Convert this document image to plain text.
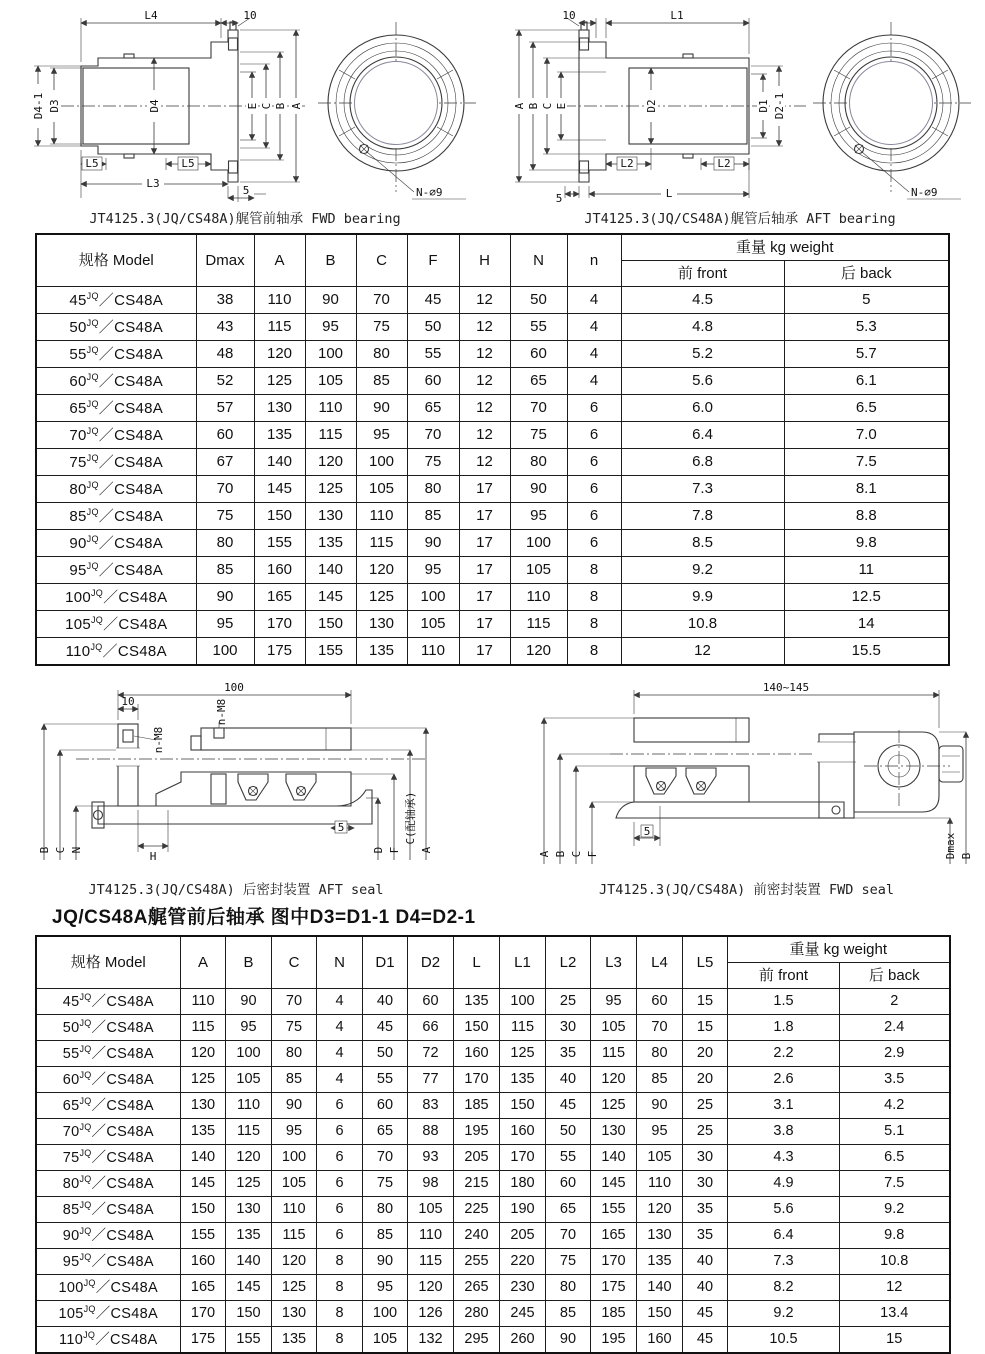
L4	10
D4-1 D3	D4	E C B A
L5	L5
L3
5	N-∅9
JT4125.3(JQ/CS48A)艉管前轴承 FWD bearing
10	L1
A B C E	D2	D1 D2-1
L2	L2
5	L	N-∅9
JT4125.3(JQ/CS48A)艉管后轴承 AFT bearing
规格 Model	Dmax	A	B	C	F	H	N	n	重量 kg weight	
									前 front	后 back
$45^{JQ}/CS48A$	38	110	90	70	45	12	50	4	4.5	5
$50^{JQ}/CS48A$	43	115	95	75	50	12	55	4	4.8	5.3
$55^{JQ}/CS48A$	48	120	100	80	55	12	60	4	5.2	5.7
$60^{JQ}/CS48A$	52	125	105	85	60	12	65	4	5.6	6.1
$65^{JQ}/CS48A$	57	130	110	90	65	12	70	6	6.0	6.5
$70^{JQ}/CS48A$	60	135	115	95	70	12	75	6	6.4	7.0
$75^{JQ}/CS48A$	67	140	120	100	75	12	80	6	6.8	7.5
$80^{JQ}/CS48A$	70	145	125	105	80	17	90	6	7.3	8.1
$85^{JQ}/CS48A$	75	150	130	110	85	17	95	6	7.8	8.8
$90^{JQ}/CS48A$	80	155	135	115	90	17	100	6	8.5	9.8
$95^{JQ}/CS48A$	85	160	140	120	95	17	105	8	9.2	11
$100^{JQ}/CS48A$	90	165	145	125	100	17	110	8	9.9	12.5
$105^{JQ}/CS48A$	95	170	150	130	105	17	115	8	10.8	14
$110^{JQ}/CS48A$	100	175	155	135	110	17	120	8	12	15.5
100
10
n-M8
n-M8
H
5
B C N	D F
C(配轴承)
A
JT4125.3(JQ/CS48A) 后密封装置 AFT seal
140~145
5
A B C F	Dmax B
JT4125.3(JQ/CS48A) 前密封装置 FWD seal
JQ/CS48A艉管前后轴承 图中D3=D1-1 D4=D2-1
规格 Model	A	B	C	N	D1	D2	L	L1	L2	L3	L4	L5	重量 kg weight	
													前 front	后 back
$45^{JQ}/CS48A$	110	90	70	4	40	60	135	100	25	95	60	15	1.5	2
$50^{JQ}/CS48A$	115	95	75	4	45	66	150	115	30	105	70	15	1.8	2.4
$55^{JQ}/CS48A$	120	100	80	4	50	72	160	125	35	115	80	20	2.2	2.9
$60^{JQ}/CS48A$	125	105	85	4	55	77	170	135	40	120	85	20	2.6	3.5
$65^{JQ}/CS48A$	130	110	90	6	60	83	185	150	45	125	90	25	3.1	4.2
$70^{JQ}/CS48A$	135	115	95	6	65	88	195	160	50	130	95	25	3.8	5.1
$75^{JQ}/CS48A$	140	120	100	6	70	93	205	170	55	140	105	30	4.3	6.5
$80^{JQ}/CS48A$	145	125	105	6	75	98	215	180	60	145	110	30	4.9	7.5
$85^{JQ}/CS48A$	150	130	110	6	80	105	225	190	65	155	120	35	5.6	9.2
$90^{JQ}/CS48A$	155	135	115	6	85	110	240	205	70	165	130	35	6.4	9.8
$95^{JQ}/CS48A$	160	140	120	8	90	115	255	220	75	170	135	40	7.3	10.8
$100^{JQ}/CS48A$	165	145	125	8	95	120	265	230	80	175	140	40	8.2	12
$105^{JQ}/CS48A$	170	150	130	8	100	126	280	245	85	185	150	45	9.2	13.4
$110^{JQ}/CS48A$	175	155	135	8	105	132	295	260	90	195	160	45	10.5	15
